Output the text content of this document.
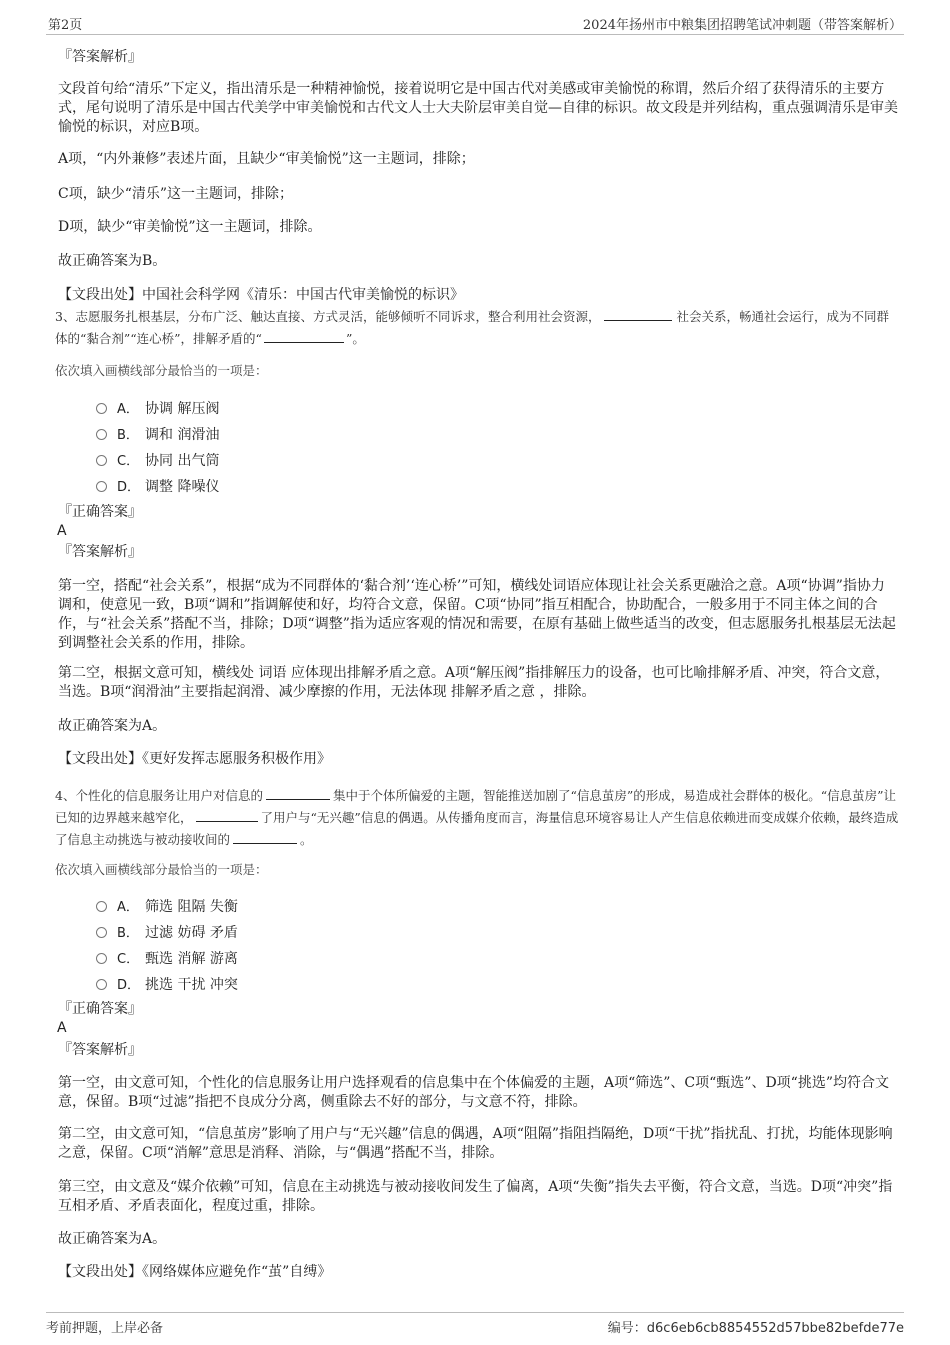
第2页	2024年扬州市中粮集团招聘笔试冲刺题（带答案解析）

『答案解析』

文段首句给“清乐”下定义，指出清乐是一种精神愉悦，接着说明它是中国古代对美感或审美愉悦的称谓，然后介绍了获得清乐的主要方式，尾句说明了清乐是中国古代美学中审美愉悦和古代文人士大夫阶层审美自觉—自律的标识。故文段是并列结构，重点强调清乐是审美愉悦的标识，对应B项。

A项，“内外兼修”表述片面，且缺少“审美愉悦”这一主题词，排除；

C项，缺少“清乐”这一主题词，排除；

D项，缺少“审美愉悦”这一主题词，排除。

故正确答案为B。

【文段出处】中国社会科学网《清乐：中国古代审美愉悦的标识》

3、志愿服务扎根基层，分布广泛、触达直接、方式灵活，能够倾听不同诉求，整合利用社会资源，	社会关系，畅通社会运行，成为不同群体的“黏合剂”“连心桥”，排解矛盾的“	”。

依次填入画横线部分最恰当的一项是：
A． 协调 解压阀
B． 调和 润滑油
C． 协同 出气筒
D． 调整 降噪仪

『正确答案』

A

『答案解析』

第一空，搭配“社会关系”，根据“成为不同群体的‘黏合剂’‘连心桥’”可知，横线处词语应体现让社会关系更融洽之意。A项“协调”指协力调和，使意见一致，B项“调和”指调解使和好，均符合文意，保留。C项“协同”指互相配合，协助配合，一般多用于不同主体之间的合作，与“社会关系”搭配不当，排除；D项“调整”指为适应客观的情况和需要，在原有基础上做些适当的改变，但志愿服务扎根基层无法起到调整社会关系的作用，排除。

第二空，根据文意可知，横线处 词语 应体现出排解矛盾之意。A项“解压阀”指排解压力的设备，也可比喻排解矛盾、冲突，符合文意，当选。B项“润滑油”主要指起润滑、减少摩擦的作用，无法体现 排解矛盾之意 ，排除。

故正确答案为A。

【文段出处】《更好发挥志愿服务积极作用》

4、个性化的信息服务让用户对信息的	集中于个体所偏爱的主题，智能推送加剧了“信息茧房”的形成，易造成社会群体的极化。“信息茧房”让已知的边界越来越窄化，	了用户与“无兴趣”信息的偶遇。从传播角度而言，海量信息环境容易让人产生信息依赖进而变成媒介依赖，最终造成了信息主动挑选与被动接收间的	。

依次填入画横线部分最恰当的一项是：
A． 筛选 阻隔 失衡
B． 过滤 妨碍 矛盾
C． 甄选 消解 游离
D． 挑选 干扰 冲突

『正确答案』

A

『答案解析』

第一空，由文意可知，个性化的信息服务让用户选择观看的信息集中在个体偏爱的主题，A项“筛选”、C项“甄选”、D项“挑选”均符合文意，保留。B项“过滤”指把不良成分分离，侧重除去不好的部分，与文意不符，排除。

第二空，由文意可知，“信息茧房”影响了用户与“无兴趣”信息的偶遇，A项“阻隔”指阻挡隔绝，D项“干扰”指扰乱、打扰，均能体现影响之意，保留。C项“消解”意思是消释、消除，与“偶遇”搭配不当，排除。

第三空，由文意及“媒介依赖”可知，信息在主动挑选与被动接收间发生了偏离，A项“失衡”指失去平衡，符合文意，当选。D项“冲突”指互相矛盾、矛盾表面化，程度过重，排除。

故正确答案为A。

【文段出处】《网络媒体应避免作“茧”自缚》

考前押题，上岸必备	编号：d6c6eb6cb8854552d57bbe82befde77e
